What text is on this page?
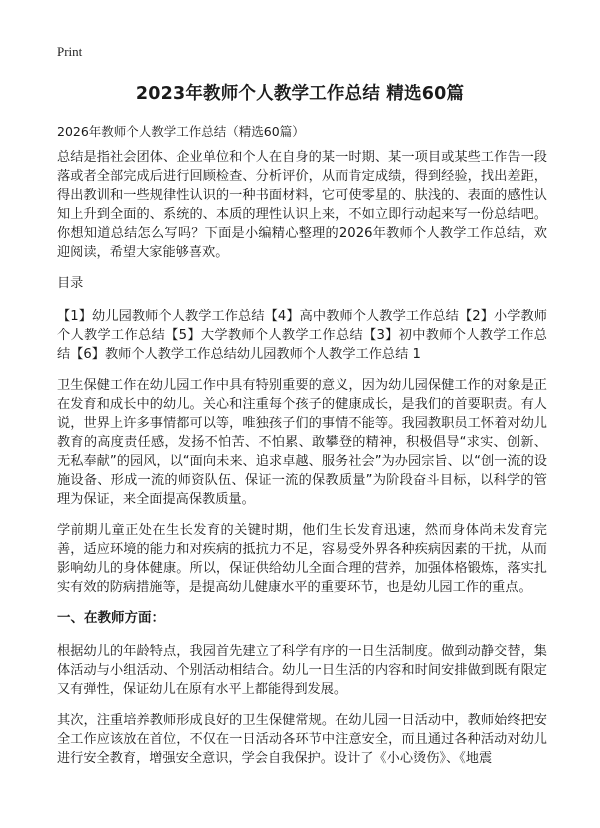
Print
2023年教师个人教学工作总结 精选60篇
2026年教师个人教学工作总结（精选60篇）

总结是指社会团体、企业单位和个人在自身的某一时期、某一项目或某些工作告一段落或者全部完成后进行回顾检查、分析评价，从而肯定成绩，得到经验，找出差距，得出教训和一些规律性认识的一种书面材料，它可使零星的、肤浅的、表面的感性认知上升到全面的、系统的、本质的理性认识上来，不如立即行动起来写一份总结吧。你想知道总结怎么写吗？下面是小编精心整理的2026年教师个人教学工作总结，欢迎阅读，希望大家能够喜欢。

目录

【1】幼儿园教师个人教学工作总结【4】高中教师个人教学工作总结【2】小学教师个人教学工作总结【5】大学教师个人教学工作总结【3】初中教师个人教学工作总结【6】教师个人教学工作总结幼儿园教师个人教学工作总结 1

卫生保健工作在幼儿园工作中具有特别重要的意义，因为幼儿园保健工作的对象是正在发育和成长中的幼儿。关心和注重每个孩子的健康成长，是我们的首要职责。有人说，世界上许多事情都可以等，唯独孩子们的事情不能等。我园教职员工怀着对幼儿教育的高度责任感，发扬不怕苦、不怕累、敢攀登的精神，积极倡导“求实、创新、无私奉献”的园风，以“面向未来、追求卓越、服务社会”为办园宗旨、以“创一流的设施设备、形成一流的师资队伍、保证一流的保教质量”为阶段奋斗目标，以科学的管理为保证，来全面提高保教质量。

学前期儿童正处在生长发育的关键时期，他们生长发育迅速，然而身体尚未发育完善，适应环境的能力和对疾病的抵抗力不足，容易受外界各种疾病因素的干扰，从而影响幼儿的身体健康。所以，保证供给幼儿全面合理的营养，加强体格锻炼，落实扎实有效的防病措施等，是提高幼儿健康水平的重要环节，也是幼儿园工作的重点。

一、在教师方面：

根据幼儿的年龄特点，我园首先建立了科学有序的一日生活制度。做到动静交替，集体活动与小组活动、个别活动相结合。幼儿一日生活的内容和时间安排做到既有限定又有弹性，保证幼儿在原有水平上都能得到发展。

其次，注重培养教师形成良好的卫生保健常规。在幼儿园一日活动中，教师始终把安全工作应该放在首位，不仅在一日活动各环节中注意安全，而且通过各种活动对幼儿进行安全教育，增强安全意识，学会自我保护。设计了《小心烫伤》、《地震
